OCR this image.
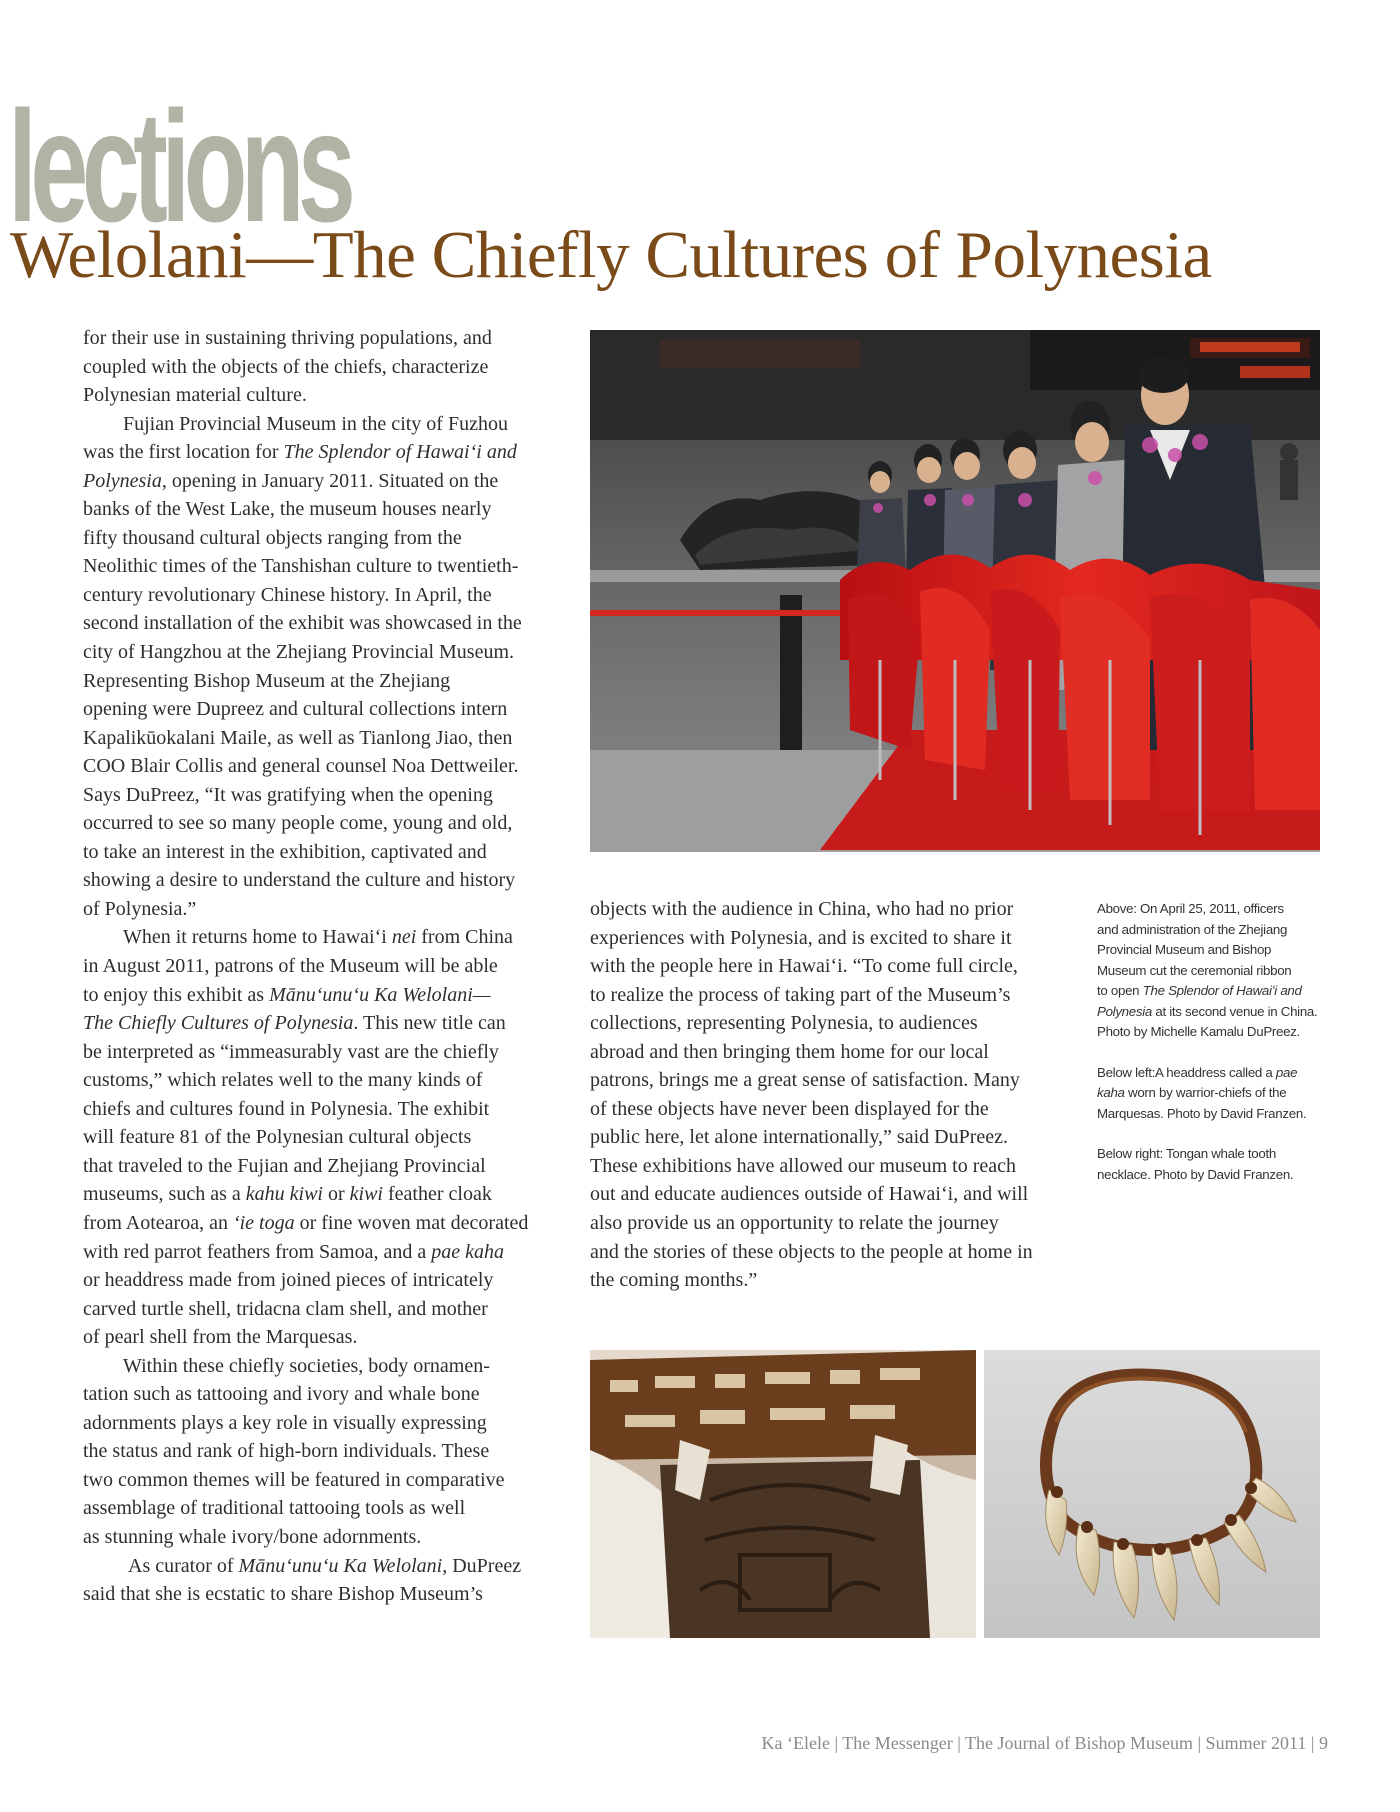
lections
Welolani—The Chiefly Cultures of Polynesia

for their use in sustaining thriving populations, and
coupled with the objects of the chiefs, characterize
Polynesian material culture.

Fujian Provincial Museum in the city of Fuzhou
was the first location for The Splendor of Hawaiʻi and
Polynesia, opening in January 2011. Situated on the
banks of the West Lake, the museum houses nearly
fifty thousand cultural objects ranging from the
Neolithic times of the Tanshishan culture to twentieth-
century revolutionary Chinese history. In April, the
second installation of the exhibit was showcased in the
city of Hangzhou at the Zhejiang Provincial Museum.
Representing Bishop Museum at the Zhejiang
opening were Dupreez and cultural collections intern
Kapalikūokalani Maile, as well as Tianlong Jiao, then
COO Blair Collis and general counsel Noa Dettweiler.
Says DuPreez, “It was gratifying when the opening
occurred to see so many people come, young and old,
to take an interest in the exhibition, captivated and
showing a desire to understand the culture and history
of Polynesia.”

When it returns home to Hawaiʻi nei from China
in August 2011, patrons of the Museum will be able
to enjoy this exhibit as Mānuʻunuʻu Ka Welolani—
The Chiefly Cultures of Polynesia. This new title can
be interpreted as “immeasurably vast are the chiefly
customs,” which relates well to the many kinds of
chiefs and cultures found in Polynesia. The exhibit
will feature 81 of the Polynesian cultural objects
that traveled to the Fujian and Zhejiang Provincial
museums, such as a kahu kiwi or kiwi feather cloak
from Aotearoa, an ʻie toga or fine woven mat decorated
with red parrot feathers from Samoa, and a pae kaha
or headdress made from joined pieces of intricately
carved turtle shell, tridacna clam shell, and mother
of pearl shell from the Marquesas.

Within these chiefly societies, body ornamen-
tation such as tattooing and ivory and whale bone
adornments plays a key role in visually expressing
the status and rank of high-born individuals. These
two common themes will be featured in comparative
assemblage of traditional tattooing tools as well
as stunning whale ivory/bone adornments.

As curator of Mānuʻunuʻu Ka Welolani, DuPreez
said that she is ecstatic to share Bishop Museum’s

objects with the audience in China, who had no prior
experiences with Polynesia, and is excited to share it
with the people here in Hawaiʻi. “To come full circle,
to realize the process of taking part of the Museum’s
collections, representing Polynesia, to audiences
abroad and then bringing them home for our local
patrons, brings me a great sense of satisfaction. Many
of these objects have never been displayed for the
public here, let alone internationally,” said DuPreez.
These exhibitions have allowed our museum to reach
out and educate audiences outside of Hawaiʻi, and will
also provide us an opportunity to relate the journey
and the stories of these objects to the people at home in
the coming months.”

Above: On April 25, 2011, officers
and administration of the Zhejiang
Provincial Museum and Bishop
Museum cut the ceremonial ribbon
to open The Splendor of Hawaiʻi and
Polynesia at its second venue in China.
Photo by Michelle Kamalu DuPreez.

Below left:A headdress called a pae
kaha worn by warrior-chiefs of the
Marquesas. Photo by David Franzen.

Below right: Tongan whale tooth
necklace. Photo by David Franzen.

Ka ʻElele | The Messenger | The Journal of Bishop Museum | Summer 2011 | 9
